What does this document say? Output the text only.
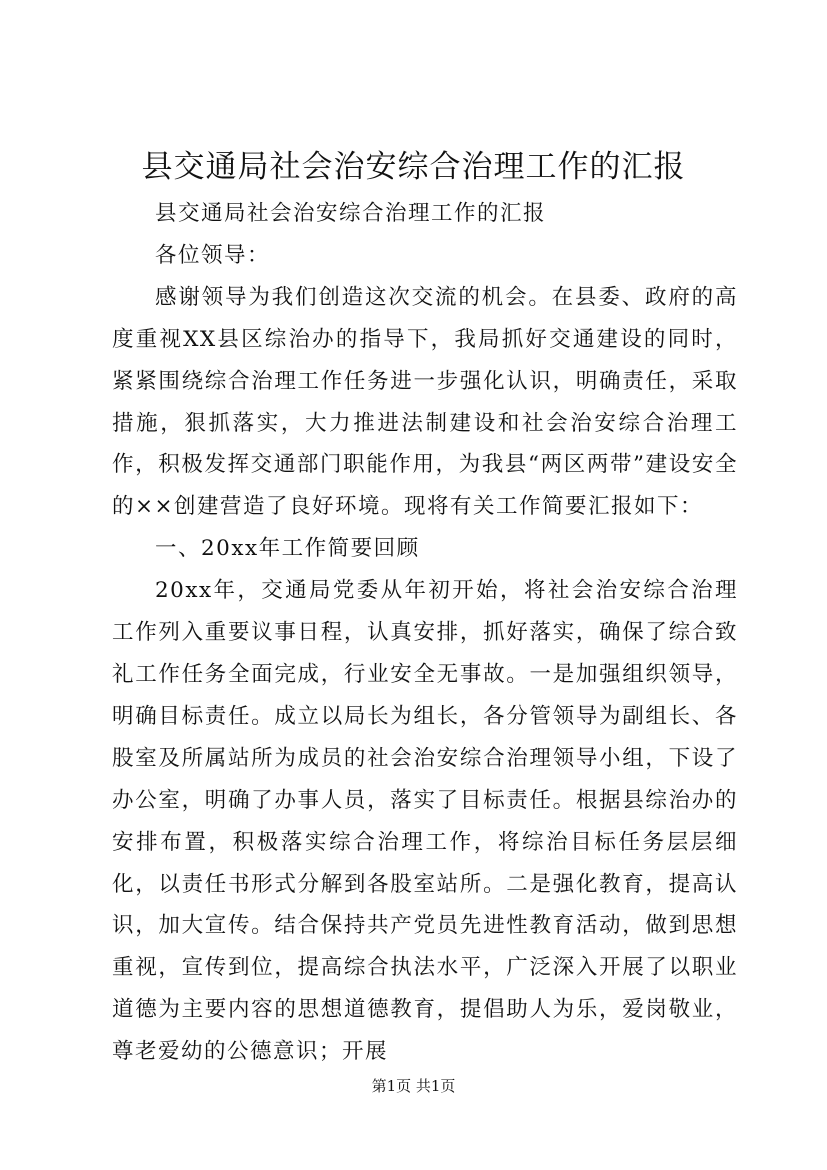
县交通局社会治安综合治理工作的汇报

县交通局社会治安综合治理工作的汇报

各位领导：

感谢领导为我们创造这次交流的机会。在县委、政府的高度重视XX县区综治办的指导下，我局抓好交通建设的同时，紧紧围绕综合治理工作任务进一步强化认识，明确责任，采取措施，狠抓落实，大力推进法制建设和社会治安综合治理工作，积极发挥交通部门职能作用，为我县“两区两带”建设安全的××创建营造了良好环境。现将有关工作简要汇报如下：

一、20xx年工作简要回顾

20xx年，交通局党委从年初开始，将社会治安综合治理工作列入重要议事日程，认真安排，抓好落实，确保了综合致礼工作任务全面完成，行业安全无事故。一是加强组织领导，明确目标责任。成立以局长为组长，各分管领导为副组长、各股室及所属站所为成员的社会治安综合治理领导小组，下设了办公室，明确了办事人员，落实了目标责任。根据县综治办的安排布置，积极落实综合治理工作，将综治目标任务层层细化，以责任书形式分解到各股室站所。二是强化教育，提高认识，加大宣传。结合保持共产党员先进性教育活动，做到思想重视，宣传到位，提高综合执法水平，广泛深入开展了以职业道德为主要内容的思想道德教育，提倡助人为乐，爱岗敬业，尊老爱幼的公德意识；开展

第1页 共1页
